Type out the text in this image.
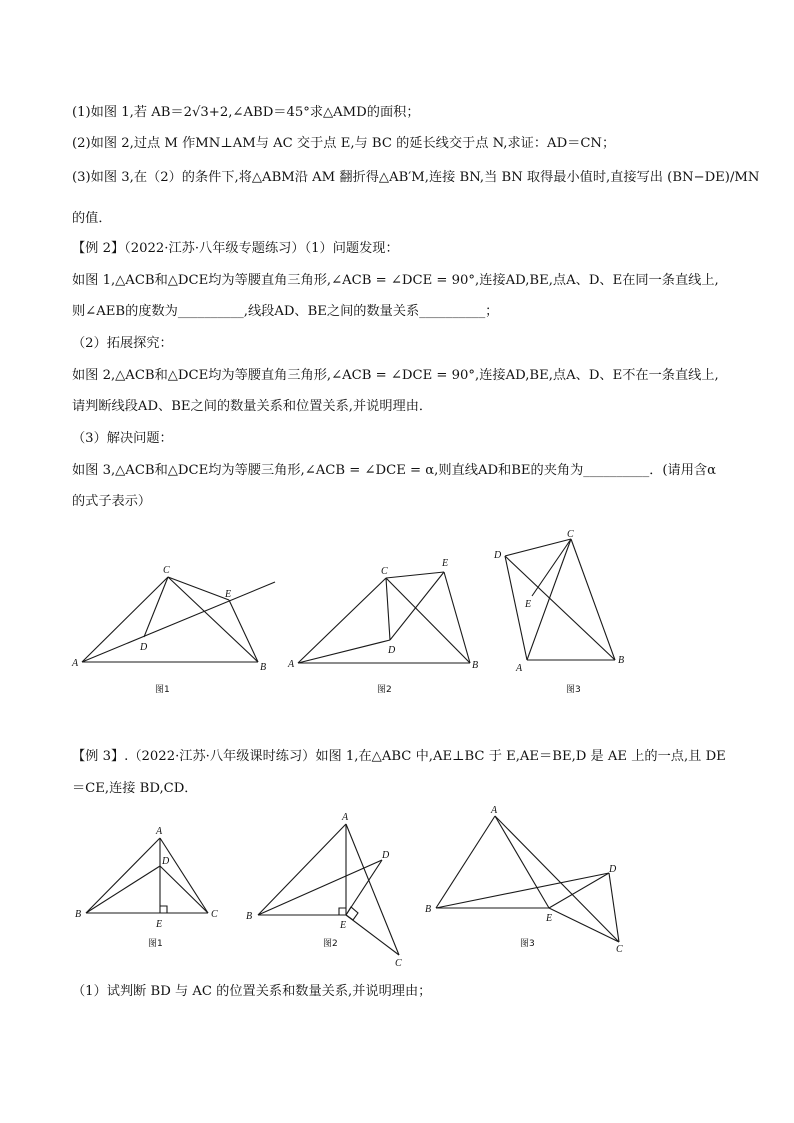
(1)如图 1,若 AB＝2√3+2,∠ABD＝45°求△AMD的面积；
(2)如图 2,过点 M 作MN⊥AM与 AC 交于点 E,与 BC 的延长线交于点 N,求证：AD＝CN；
(3)如图 3,在（2）的条件下,将△ABM沿 AM 翻折得△AB′M,连接 BN,当 BN 取得最小值时,直接写出 (BN−DE)/MN
的值．
【例 2】（2022·江苏·八年级专题练习）（1）问题发现：
如图 1,△ACB和△DCE均为等腰直角三角形,∠ACB = ∠DCE = 90°,连接AD,BE,点A、D、E在同一条直线上,
则∠AEB的度数为__________,线段AD、BE之间的数量关系__________；
（2）拓展探究：
如图 2,△ACB和△DCE均为等腰直角三角形,∠ACB = ∠DCE = 90°,连接AD,BE,点A、D、E不在一条直线上,
请判断线段AD、BE之间的数量关系和位置关系,并说明理由．
（3）解决问题：
如图 3,△ACB和△DCE均为等腰三角形,∠ACB = ∠DCE = α,则直线AD和BE的夹角为__________．(请用含α
的式子表示）
【例 3】.（2022·江苏·八年级课时练习）如图 1,在△ABC 中,AE⊥BC 于 E,AE＝BE,D 是 AE 上的一点,且 DE
＝CE,连接 BD,CD．
（1）试判断 BD 与 AC 的位置关系和数量关系,并说明理由；
A	B
C
D
E
图1
A	B
C
D
E
图2
D
C
E
A
B
图3
A
B	C
D
E
图1
A
B
C
D
E
图2
A
B
C
D
E
图3
